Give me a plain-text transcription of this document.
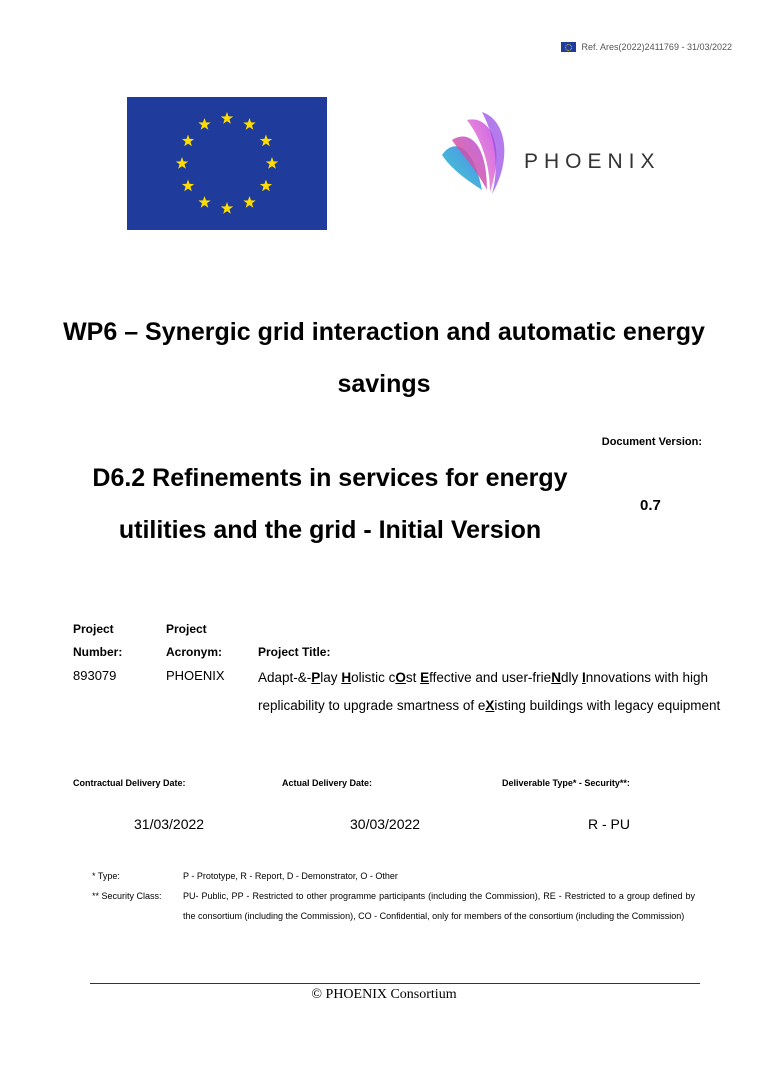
Ref. Ares(2022)2411769 - 31/03/2022
PHOENIX
WP6 – Synergic grid interaction and automatic energy
savings
Document Version:
0.7
D6.2 Refinements in services for energy
utilities and the grid - Initial Version
Project
Number:
893079
Project
Acronym:
PHOENIX
Project Title:
Adapt-&-Play Holistic cOst Effective and user-frieNdly Innovations with high replicability to upgrade smartness of eXisting buildings with legacy equipment
Contractual Delivery Date:	Actual Delivery Date:	Deliverable Type* - Security**:
31/03/2022	30/03/2022	R - PU
* Type:	P - Prototype, R - Report, D - Demonstrator, O - Other
** Security Class: PU- Public, PP - Restricted to other programme participants (including the Commission), RE - Restricted to a group defined by the consortium (including the Commission), CO - Confidential, only for members of the consortium (including the Commission)
© PHOENIX Consortium
